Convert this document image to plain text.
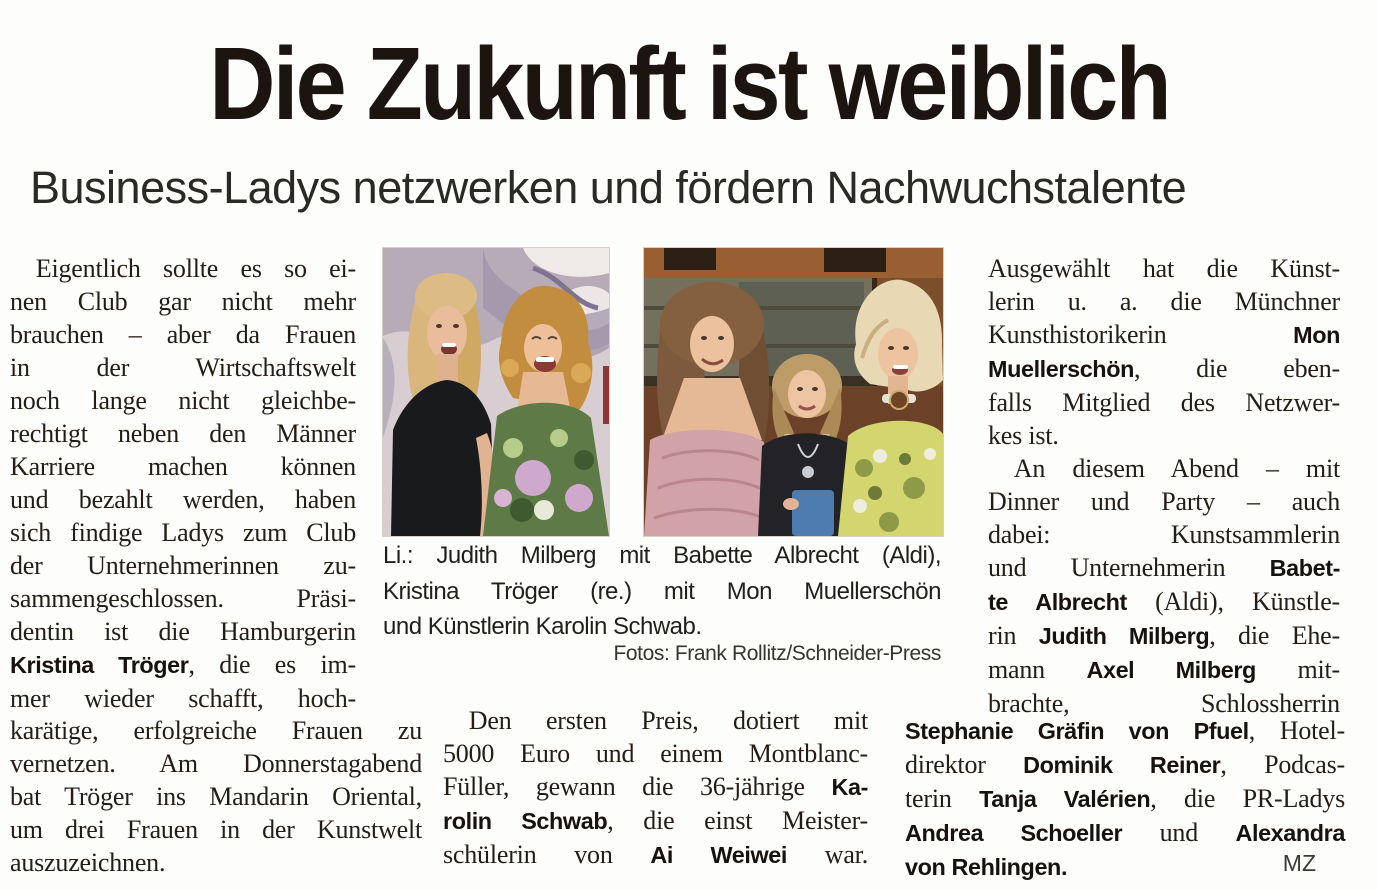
Die Zukunft ist weiblich
Business-Ladys netzwerken und fördern Nachwuchstalente
 Eigentlich sollte es so ei-
nen Club gar nicht mehr
brauchen – aber da Frauen
in der Wirtschaftswelt
noch lange nicht gleichbe-
rechtigt neben den Männer
Karriere machen können
und bezahlt werden, haben
sich findige Ladys zum Club
der Unternehmerinnen zu-
sammengeschlossen. Präsi-
dentin ist die Hamburgerin
Kristina Tröger, die es im-
mer wieder schafft, hoch-
karätige, erfolgreiche Frauen zu
vernetzen. Am Donnerstagabend
bat Tröger ins Mandarin Oriental,
um drei Frauen in der Kunstwelt
auszuzeichnen.
Li.: Judith Milberg mit Babette Albrecht (Aldi),
Kristina Tröger (re.) mit Mon Muellerschön
und Künstlerin Karolin Schwab.
Fotos: Frank Rollitz/Schneider-Press
 Den ersten Preis, dotiert mit
5000 Euro und einem Montblanc-
Füller, gewann die 36-jährige Ka-
rolin Schwab, die einst Meister-
schülerin von Ai Weiwei war.
Ausgewählt hat die Künst-
lerin u. a. die Münchner
Kunsthistorikerin Mon
Muellerschön, die eben-
falls Mitglied des Netzwer-
kes ist.
 An diesem Abend – mit
Dinner und Party – auch
dabei: Kunstsammlerin
und Unternehmerin Babet-
te Albrecht (Aldi), Künstle-
rin Judith Milberg, die Ehe-
mann Axel Milberg mit-
brachte, Schlossherrin
Stephanie Gräfin von Pfuel, Hotel-
direktor Dominik Reiner, Podcas-
terin Tanja Valérien, die PR-Ladys
Andrea Schoeller und Alexandra
von Rehlingen.	MZ
